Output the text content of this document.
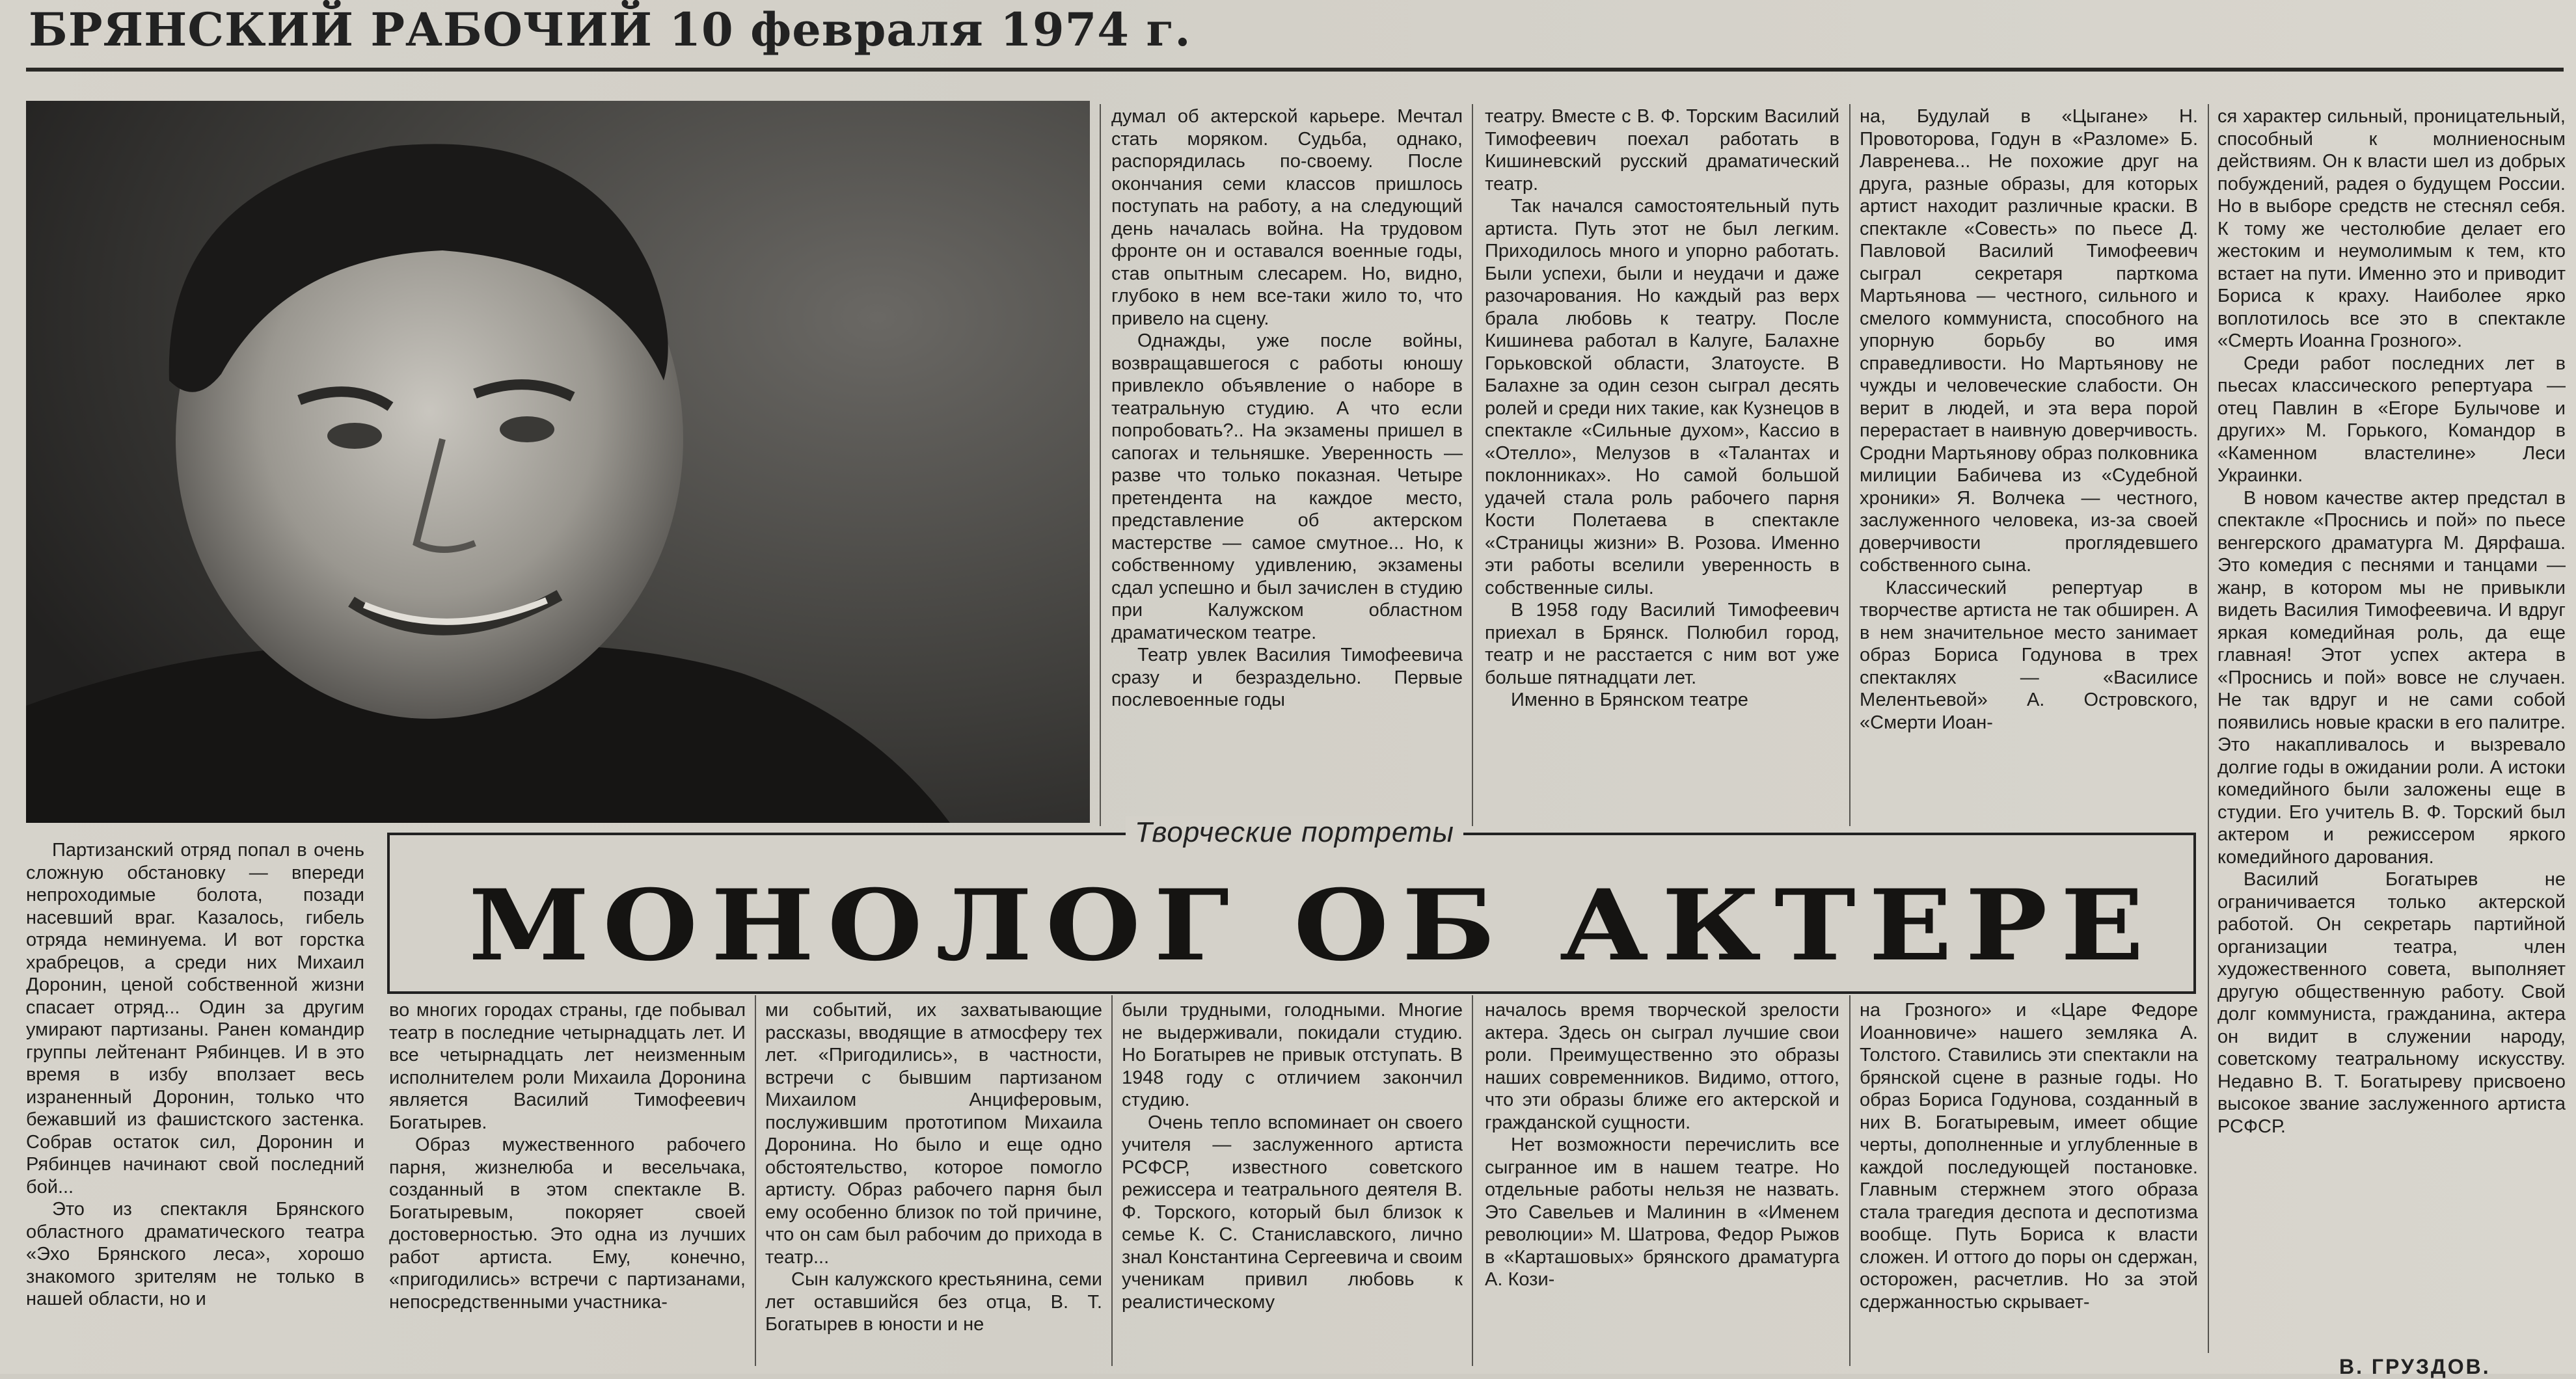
БРЯНСКИЙ РАБОЧИЙ 10 февраля 1974 г.

думал об актерской карьере. Мечтал стать моряком. Судьба, однако, распорядилась по-своему. После окончания семи классов пришлось поступать на работу, а на следующий день началась война. На трудовом фронте он и оставался военные годы, став опытным слесарем. Но, видно, глубоко в нем все-таки жило то, что привело на сцену.

Однажды, уже после войны, возвращавшегося с работы юношу привлекло объявление о наборе в театральную студию. А что если попробовать?.. На экзамены пришел в сапогах и тельняшке. Уверенность — разве что только показная. Четыре претендента на каждое место, представление об актерском мастерстве — самое смутное... Но, к собственному удивлению, экзамены сдал успешно и был зачислен в студию при Калужском областном драматическом театре.

Театр увлек Василия Тимофеевича сразу и безраздельно. Первые послевоенные годы

театру. Вместе с В. Ф. Торским Василий Тимофеевич поехал работать в Кишиневский русский драматический театр.

Так начался самостоятельный путь артиста. Путь этот не был легким. Приходилось много и упорно работать. Были успехи, были и неудачи и даже разочарования. Но каждый раз верх брала любовь к театру. После Кишинева работал в Калуге, Балахне Горьковской области, Златоусте. В Балахне за один сезон сыграл десять ролей и среди них такие, как Кузнецов в спектакле «Сильные духом», Кассио в «Отелло», Мелузов в «Талантах и поклонниках». Но самой большой удачей стала роль рабочего парня Кости Полетаева в спектакле «Страницы жизни» В. Розова. Именно эти работы вселили уверенность в собственные силы.

В 1958 году Василий Тимофеевич приехал в Брянск. Полюбил город, театр и не расстается с ним вот уже больше пятнадцати лет.

Именно в Брянском театре

на, Будулай в «Цыгане» Н. Провоторова, Годун в «Разломе» Б. Лавренева... Не похожие друг на друга, разные образы, для которых артист находит различные краски. В спектакле «Совесть» по пьесе Д. Павловой Василий Тимофеевич сыграл секретаря парткома Мартьянова — честного, сильного и смелого коммуниста, способного на упорную борьбу во имя справедливости. Но Мартьянову не чужды и человеческие слабости. Он верит в людей, и эта вера порой перерастает в наивную доверчивость. Сродни Мартьянову образ полковника милиции Бабичева из «Судебной хроники» Я. Волчека — честного, заслуженного человека, из-за своей доверчивости проглядевшего собственного сына.

Классический репертуар в творчестве артиста не так обширен. А в нем значительное место занимает образ Бориса Годунова в трех спектаклях — «Василисе Мелентьевой» А. Островского, «Смерти Иоан-

ся характер сильный, проницательный, способный к молниеносным действиям. Он к власти шел из добрых побуждений, радея о будущем России. Но в выборе средств не стеснял себя. К тому же честолюбие делает его жестоким и неумолимым к тем, кто встает на пути. Именно это и приводит Бориса к краху. Наиболее ярко воплотилось все это в спектакле «Смерть Иоанна Грозного».

Среди работ последних лет в пьесах классического репертуара — отец Павлин в «Егоре Булычове и других» М. Горького, Командор в «Каменном властелине» Леси Украинки.

В новом качестве актер предстал в спектакле «Проснись и пой» по пьесе венгерского драматурга М. Дярфаша. Это комедия с песнями и танцами — жанр, в котором мы не привыкли видеть Василия Тимофеевича. И вдруг яркая комедийная роль, да еще главная! Этот успех актера в «Проснись и пой» вовсе не случаен. Не так вдруг и не сами собой появились новые краски в его палитре. Это накапливалось и вызревало долгие годы в ожидании роли. А истоки комедийного были заложены еще в студии. Его учитель В. Ф. Торский был актером и режиссером яркого комедийного дарования.

Василий Богатырев не ограничивается только актерской работой. Он секретарь партийной организации театра, член художественного совета, выполняет другую общественную работу. Свой долг коммуниста, гражданина, актера он видит в служении народу, советскому театральному искусству. Недавно В. Т. Богатыреву присвоено высокое звание заслуженного артиста РСФСР.

Партизанский отряд попал в очень сложную обстановку — впереди непроходимые болота, позади насевший враг. Казалось, гибель отряда неминуема. И вот горстка храбрецов, а среди них Михаил Доронин, ценой собственной жизни спасает отряд... Один за другим умирают партизаны. Ранен командир группы лейтенант Рябинцев. И в это время в избу вползает весь израненный Доронин, только что бежавший из фашистского застенка. Собрав остаток сил, Доронин и Рябинцев начинают свой последний бой...

Это из спектакля Брянского областного драматического театра «Эхо Брянского леса», хорошо знакомого зрителям не только в нашей области, но и

Творческие портреты
МОНОЛОГ ОБ АКТЕРЕ

во многих городах страны, где побывал театр в последние четырнадцать лет. И все четырнадцать лет неизменным исполнителем роли Михаила Доронина является Василий Тимофеевич Богатырев.

Образ мужественного рабочего парня, жизнелюба и весельчака, созданный в этом спектакле В. Богатыревым, покоряет своей достоверностью. Это одна из лучших работ артиста. Ему, конечно, «пригодились» встречи с партизанами, непосредственными участника-

ми событий, их захватывающие рассказы, вводящие в атмосферу тех лет. «Пригодились», в частности, встречи с бывшим партизаном Михаилом Анциферовым, послужившим прототипом Михаила Доронина. Но было и еще одно обстоятельство, которое помогло артисту. Образ рабочего парня был ему особенно близок по той причине, что он сам был рабочим до прихода в театр...

Сын калужского крестьянина, семи лет оставшийся без отца, В. Т. Богатырев в юности и не

были трудными, голодными. Многие не выдерживали, покидали студию. Но Богатырев не привык отступать. В 1948 году с отличием закончил студию.

Очень тепло вспоминает он своего учителя — заслуженного артиста РСФСР, известного советского режиссера и театрального деятеля В. Ф. Торского, который был близок к семье К. С. Станиславского, лично знал Константина Сергеевича и своим ученикам привил любовь к реалистическому

началось время творческой зрелости актера. Здесь он сыграл лучшие свои роли. Преимущественно это образы наших современников. Видимо, оттого, что эти образы ближе его актерской и гражданской сущности.

Нет возможности перечислить все сыгранное им в нашем театре. Но отдельные работы нельзя не назвать. Это Савельев и Малинин в «Именем революции» М. Шатрова, Федор Рыжов в «Карташовых» брянского драматурга А. Кози-

на Грозного» и «Царе Федоре Иоанновиче» нашего земляка А. Толстого. Ставились эти спектакли на брянской сцене в разные годы. Но образ Бориса Годунова, созданный в них В. Богатыревым, имеет общие черты, дополненные и углубленные в каждой последующей постановке. Главным стержнем этого образа стала трагедия деспота и деспотизма вообще. Путь Бориса к власти сложен. И оттого до поры он сдержан, осторожен, расчетлив. Но за этой сдержанностью скрывает-

В. ГРУЗДОВ.
